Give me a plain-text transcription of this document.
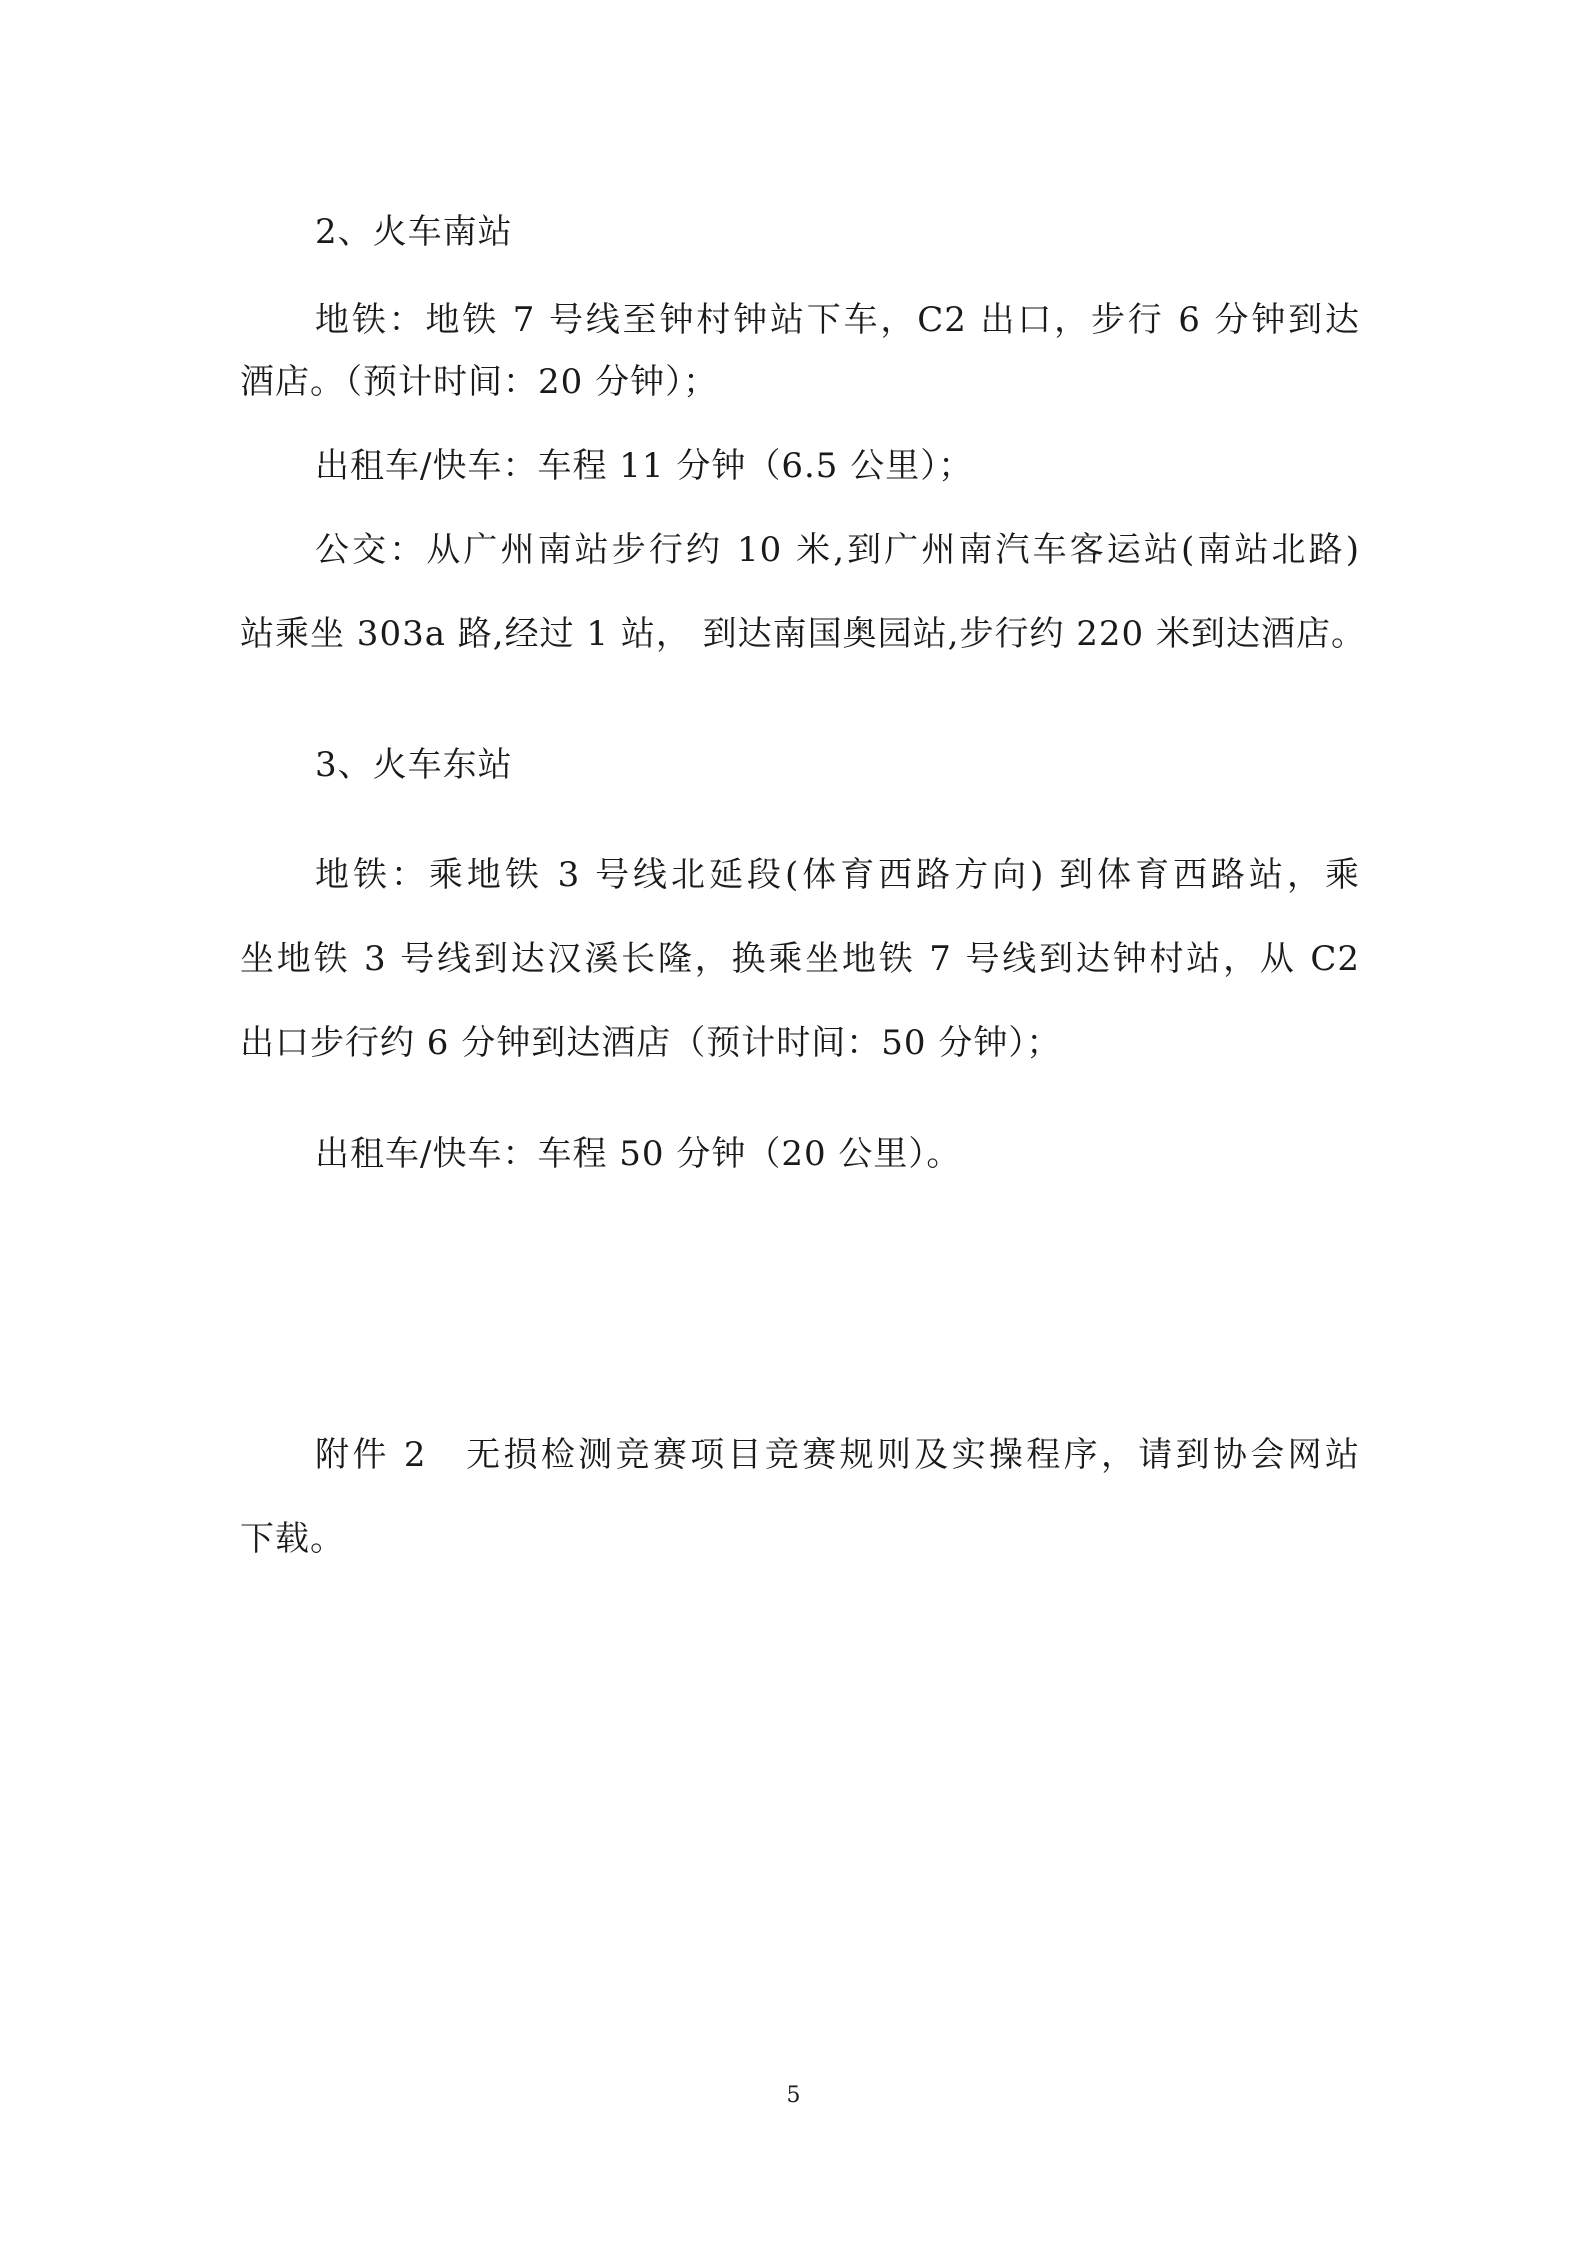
2、火车南站
地铁：地铁 7 号线至钟村钟站下车，C2 出口，步行 6 分钟到达
酒店。（预计时间：20 分钟）；
出租车/快车：车程 11 分钟（6.5 公里）；
公交：从广州南站步行约 10 米,到广州南汽车客运站(南站北路)
站乘坐 303a 路,经过 1 站， 到达南国奥园站,步行约 220 米到达酒店。
3、火车东站
地铁：乘地铁 3 号线北延段(体育西路方向) 到体育西路站，乘
坐地铁 3 号线到达汉溪长隆，换乘坐地铁 7 号线到达钟村站，从 C2
出口步行约 6 分钟到达酒店（预计时间：50 分钟）；
出租车/快车：车程 50 分钟（20 公里）。
附件 2　无损检测竞赛项目竞赛规则及实操程序，请到协会网站
下载。
5
